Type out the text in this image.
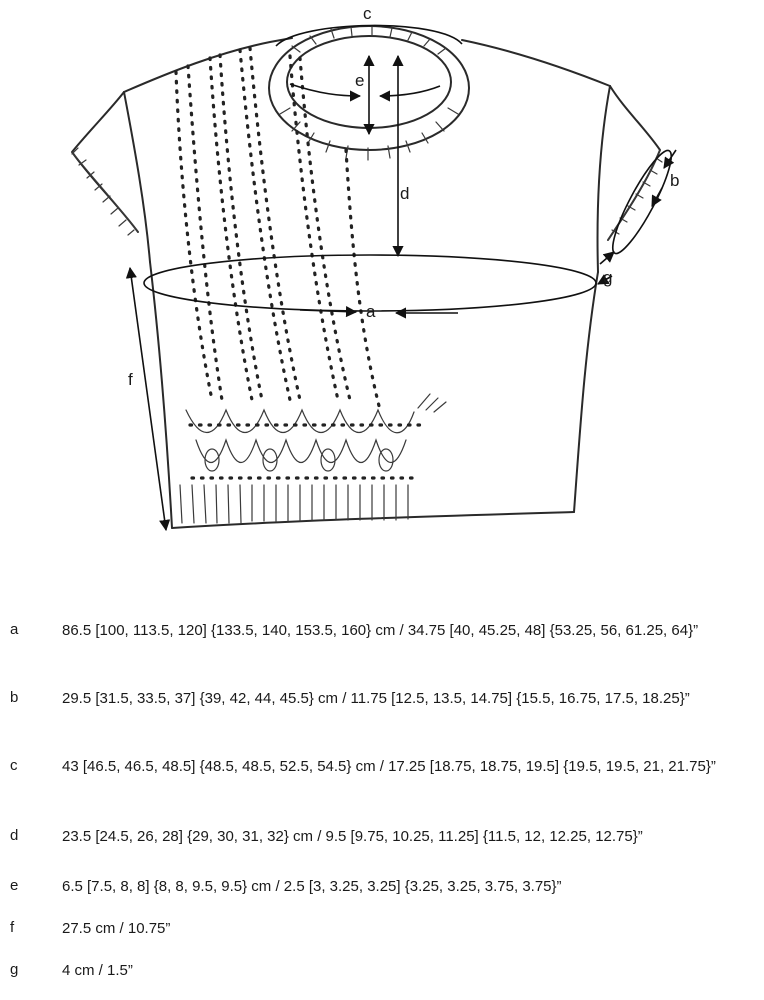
c
e
d
a
b
g
f
a	86.5 [100, 113.5, 120] {133.5, 140, 153.5, 160} cm / 34.75 [40, 45.25, 48] {53.25, 56, 61.25, 64}”
b	29.5 [31.5, 33.5, 37] {39, 42, 44, 45.5} cm / 11.75 [12.5, 13.5, 14.75] {15.5, 16.75, 17.5, 18.25}”
c	43 [46.5, 46.5, 48.5] {48.5, 48.5, 52.5, 54.5} cm / 17.25 [18.75, 18.75, 19.5] {19.5, 19.5, 21, 21.75}”
d	23.5 [24.5, 26, 28] {29, 30, 31, 32} cm / 9.5 [9.75, 10.25, 11.25] {11.5, 12, 12.25, 12.75}”
e	6.5 [7.5, 8, 8] {8, 8, 9.5, 9.5} cm / 2.5 [3, 3.25, 3.25] {3.25, 3.25, 3.75, 3.75}”
f	27.5 cm / 10.75”
g	4 cm / 1.5”
